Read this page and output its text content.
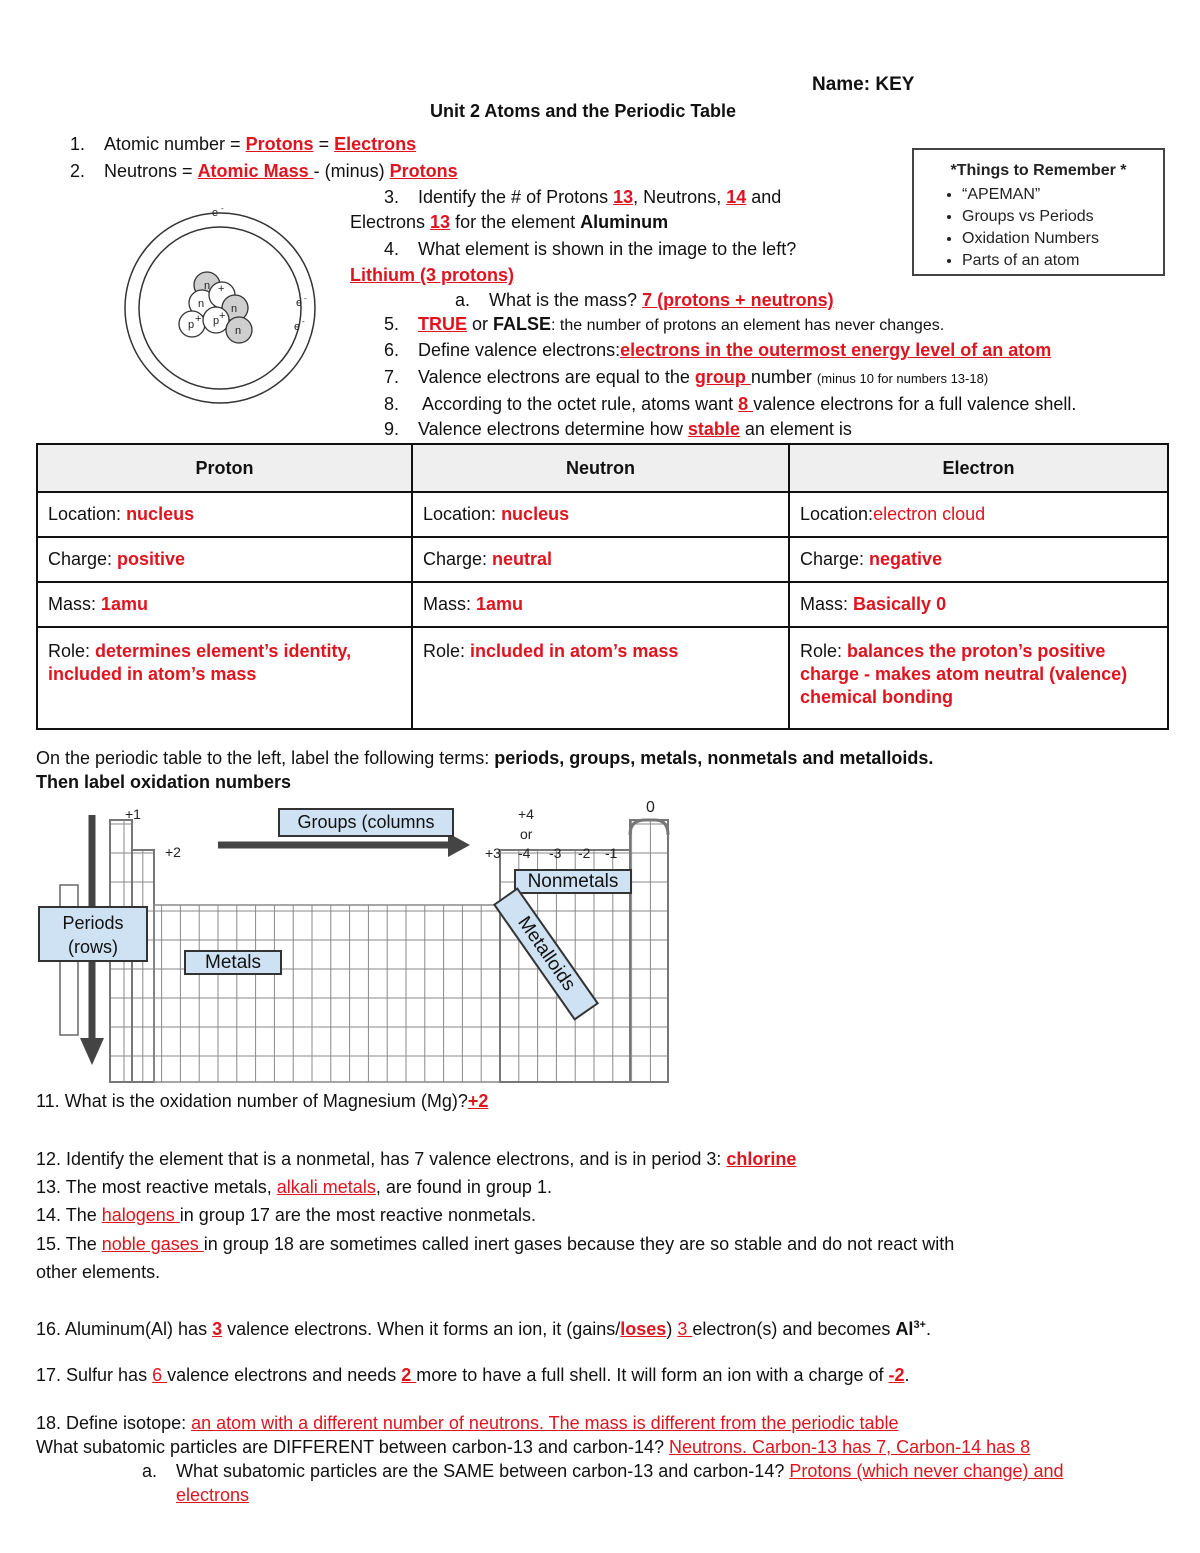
Name: KEY
Unit 2 Atoms and the Periodic Table
1. Atomic number = Protons = Electrons
2. Neutrons = Atomic Mass - (minus) Protons	*Things to Remember *
• “APEMAN”
• Groups vs Periods
• Oxidation Numbers
• Parts of an atom
n
n
+
n
p + p +
n
e -
e -
e -
3. Identify the # of Protons 13, Neutrons, 14 and
Electrons 13 for the element Aluminum
4. What element is shown in the image to the left?
Lithium (3 protons)
a. What is the mass? 7 (protons + neutrons)
5. TRUE or FALSE: the number of protons an element has never changes.
6. Define valence electrons:electrons in the outermost energy level of an atom
7. Valence electrons are equal to the group number (minus 10 for numbers 13-18)
8. According to the octet rule, atoms want 8 valence electrons for a full valence shell.
9. Valence electrons determine how stable an element is
Proton	Neutron	Electron
Location: nucleus	Location: nucleus	Location:electron cloud
Charge: positive	Charge: neutral	Charge: negative
Mass: 1amu	Mass: 1amu	Mass: Basically 0
Role: determines element’s identity, included in atom’s mass	Role: included in atom’s mass	Role: balances the proton’s positive charge - makes atom neutral (valence) chemical bonding
On the periodic table to the left, label the following terms: periods, groups, metals, nonmetals and metalloids.
Then label oxidation numbers
+1
+2	+3
+4
or
-4 -3 -2 -1
0
Groups (columns
Periods
(rows)
Metals
Nonmetals
Metalloids
11. What is the oxidation number of Magnesium (Mg)?+2
12. Identify the element that is a nonmetal, has 7 valence electrons, and is in period 3: chlorine
13. The most reactive metals, alkali metals, are found in group 1.
14. The halogens in group 17 are the most reactive nonmetals.
15. The noble gases in group 18 are sometimes called inert gases because they are so stable and do not react with
other elements.
16. Aluminum(Al) has 3 valence electrons. When it forms an ion, it (gains/loses) 3 electron(s) and becomes $Al^{3+}$.
17. Sulfur has 6 valence electrons and needs 2 more to have a full shell. It will form an ion with a charge of -2.
18. Define isotope: an atom with a different number of neutrons. The mass is different from the periodic table
What subatomic particles are DIFFERENT between carbon-13 and carbon-14? Neutrons. Carbon-13 has 7, Carbon-14 has 8
a. What subatomic particles are the SAME between carbon-13 and carbon-14? Protons (which never change) and
electrons
